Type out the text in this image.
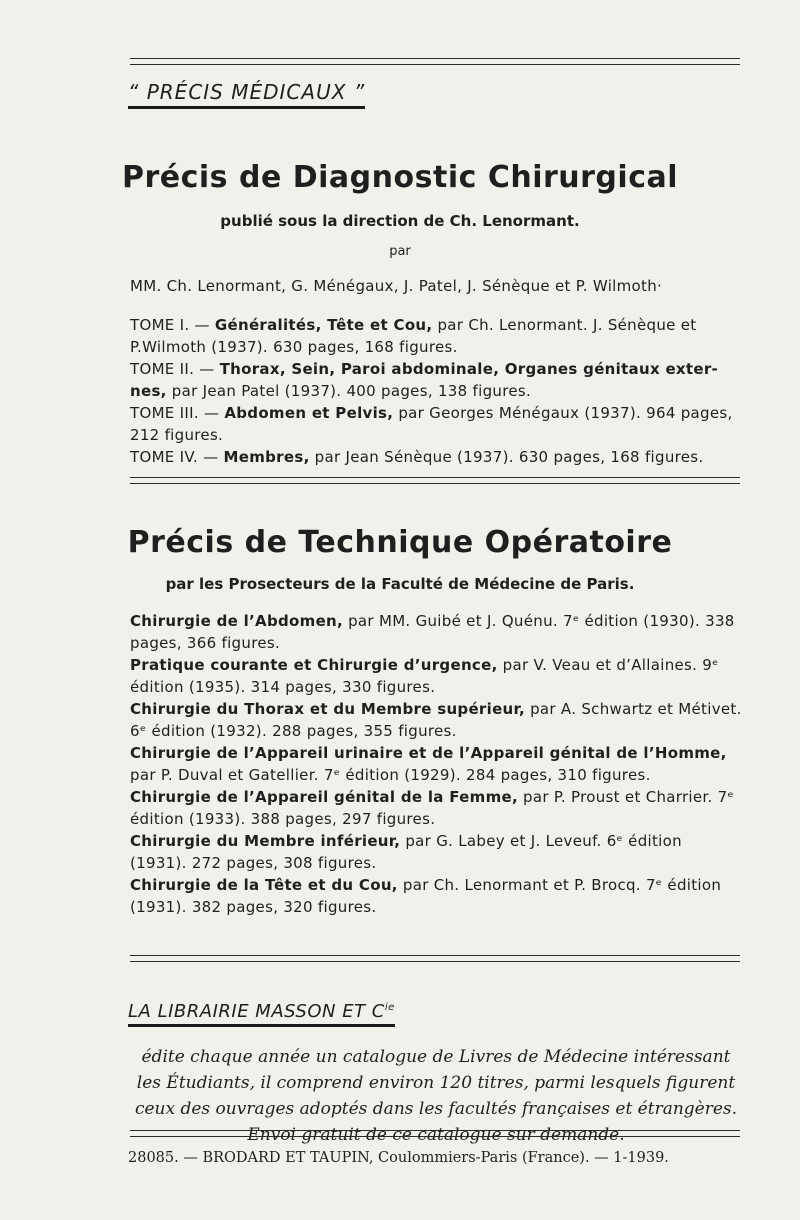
“ PRÉCIS MÉDICAUX ”
Précis de Diagnostic Chirurgical
publié sous la direction de Ch. Lenormant.
par
MM. Ch. Lenormant, G. Ménégaux, J. Patel, J. Sénèque et P. Wilmoth·
TOME I. — Généralités, Tête et Cou, par Ch. Lenormant. J. Sénèque et P.Wilmoth (1937). 630 pages, 168 figures.
TOME II. — Thorax, Sein, Paroi abdominale, Organes génitaux externes, par Jean Patel (1937). 400 pages, 138 figures.
TOME III. — Abdomen et Pelvis, par Georges Ménégaux (1937). 964 pages, 212 figures.
TOME IV. — Membres, par Jean Sénèque (1937). 630 pages, 168 figures.
Précis de Technique Opératoire
par les Prosecteurs de la Faculté de Médecine de Paris.
Chirurgie de l’Abdomen, par MM. Guibé et J. Quénu. 7ᵉ édition (1930). 338 pages, 366 figures.
Pratique courante et Chirurgie d’urgence, par V. Veau et d’Allaines. 9ᵉ édition (1935). 314 pages, 330 figures.
Chirurgie du Thorax et du Membre supérieur, par A. Schwartz et Métivet. 6ᵉ édition (1932). 288 pages, 355 figures.
Chirurgie de l’Appareil urinaire et de l’Appareil génital de l’Homme, par P. Duval et Gatellier. 7ᵉ édition (1929). 284 pages, 310 figures.
Chirurgie de l’Appareil génital de la Femme, par P. Proust et Charrier. 7ᵉ édition (1933). 388 pages, 297 figures.
Chirurgie du Membre inférieur, par G. Labey et J. Leveuf. 6ᵉ édition (1931). 272 pages, 308 figures.
Chirurgie de la Tête et du Cou, par Ch. Lenormant et P. Brocq. 7ᵉ édition (1931). 382 pages, 320 figures.
LA LIBRAIRIE MASSON ET $C^{ie}$
édite chaque année un catalogue de Livres de Médecine intéressant les Étudiants, il comprend environ 120 titres, parmi lesquels figurent ceux des ouvrages adoptés dans les facultés françaises et étrangères.
Envoi gratuit de ce catalogue sur demande.
28085. — BRODARD ET TAUPIN, Coulommiers-Paris (France). — 1-1939.
